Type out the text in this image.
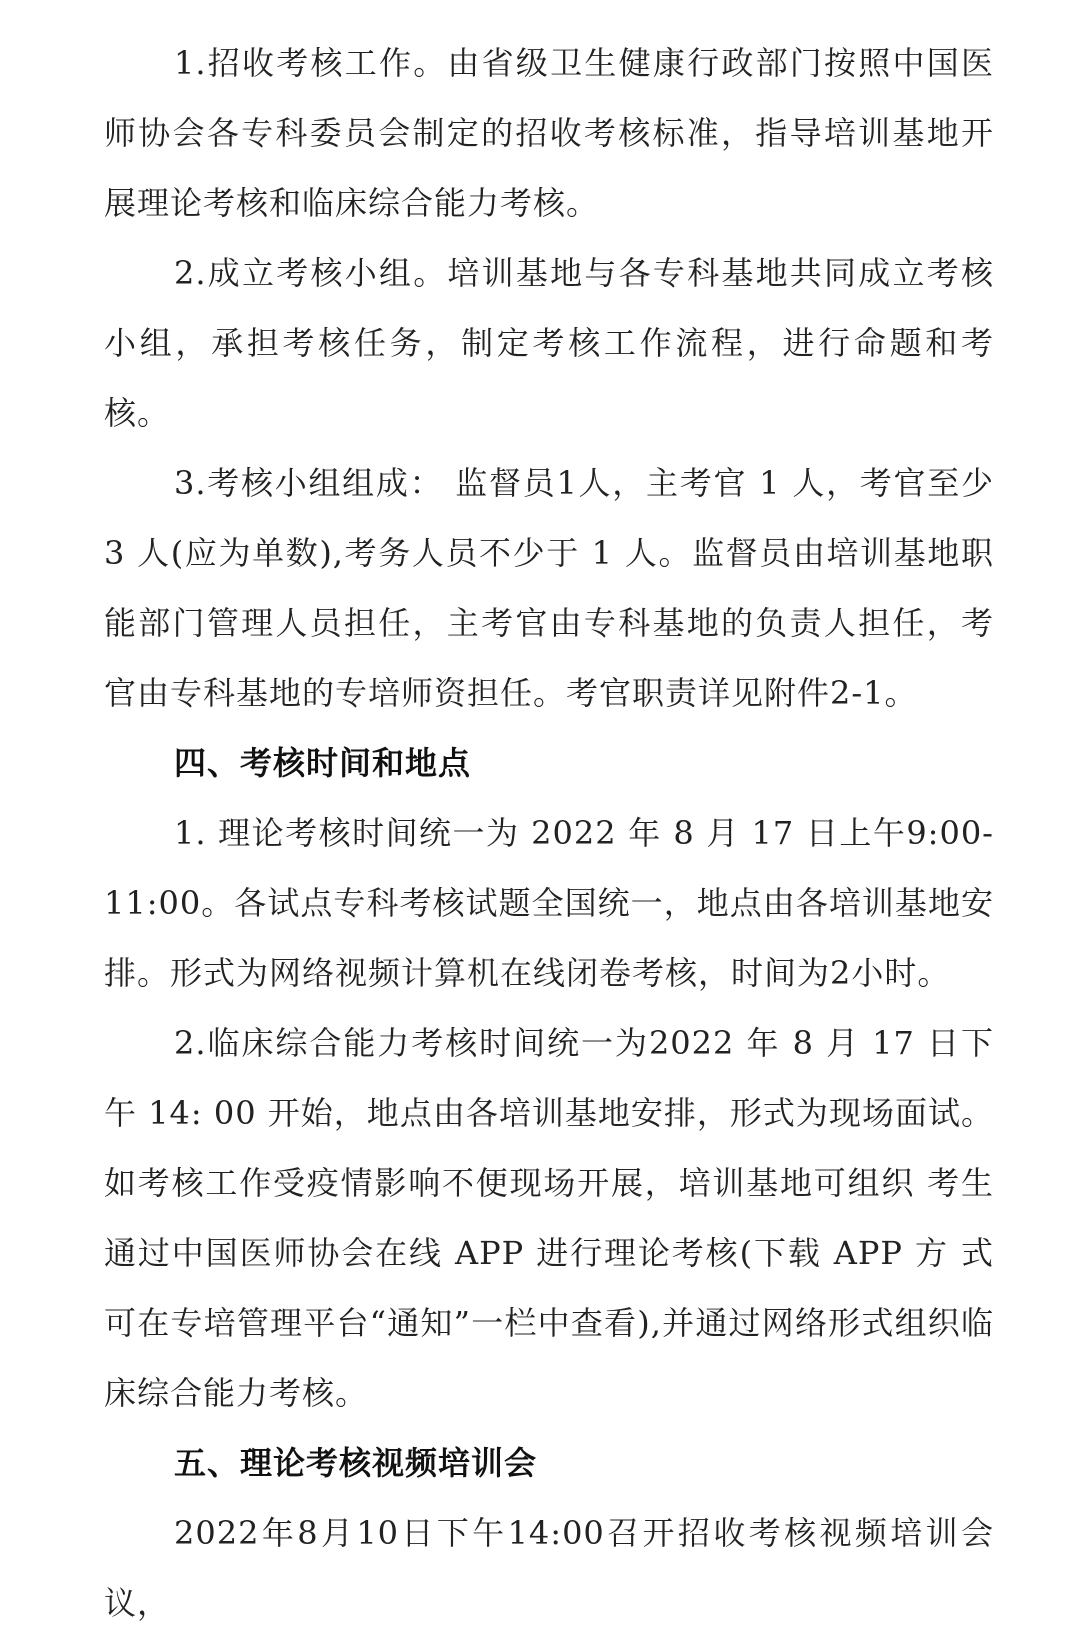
1.招收考核工作。由省级卫生健康行政部门按照中国医师协会各专科委员会制定的招收考核标准，指导培训基地开展理论考核和临床综合能力考核。

2.成立考核小组。培训基地与各专科基地共同成立考核小组，承担考核任务，制定考核工作流程，进行命题和考核。

3.考核小组组成： 监督员1人，主考官 1 人，考官至少 3 人(应为单数),考务人员不少于 1 人。监督员由培训基地职能部门管理人员担任，主考官由专科基地的负责人担任，考官由专科基地的专培师资担任。考官职责详见附件2-1。

四、考核时间和地点

1. 理论考核时间统一为 2022 年 8 月 17 日上午9:00-11:00。各试点专科考核试题全国统一，地点由各培训基地安排。形式为网络视频计算机在线闭卷考核，时间为2小时。

2.临床综合能力考核时间统一为2022 年 8 月 17 日下午 14: 00 开始，地点由各培训基地安排，形式为现场面试。如考核工作受疫情影响不便现场开展，培训基地可组织 考生通过中国医师协会在线 APP 进行理论考核(下载 APP 方 式可在专培管理平台“通知”一栏中查看),并通过网络形式组织临床综合能力考核。

五、理论考核视频培训会

2022年8月10日下午14:00召开招收考核视频培训会议，
